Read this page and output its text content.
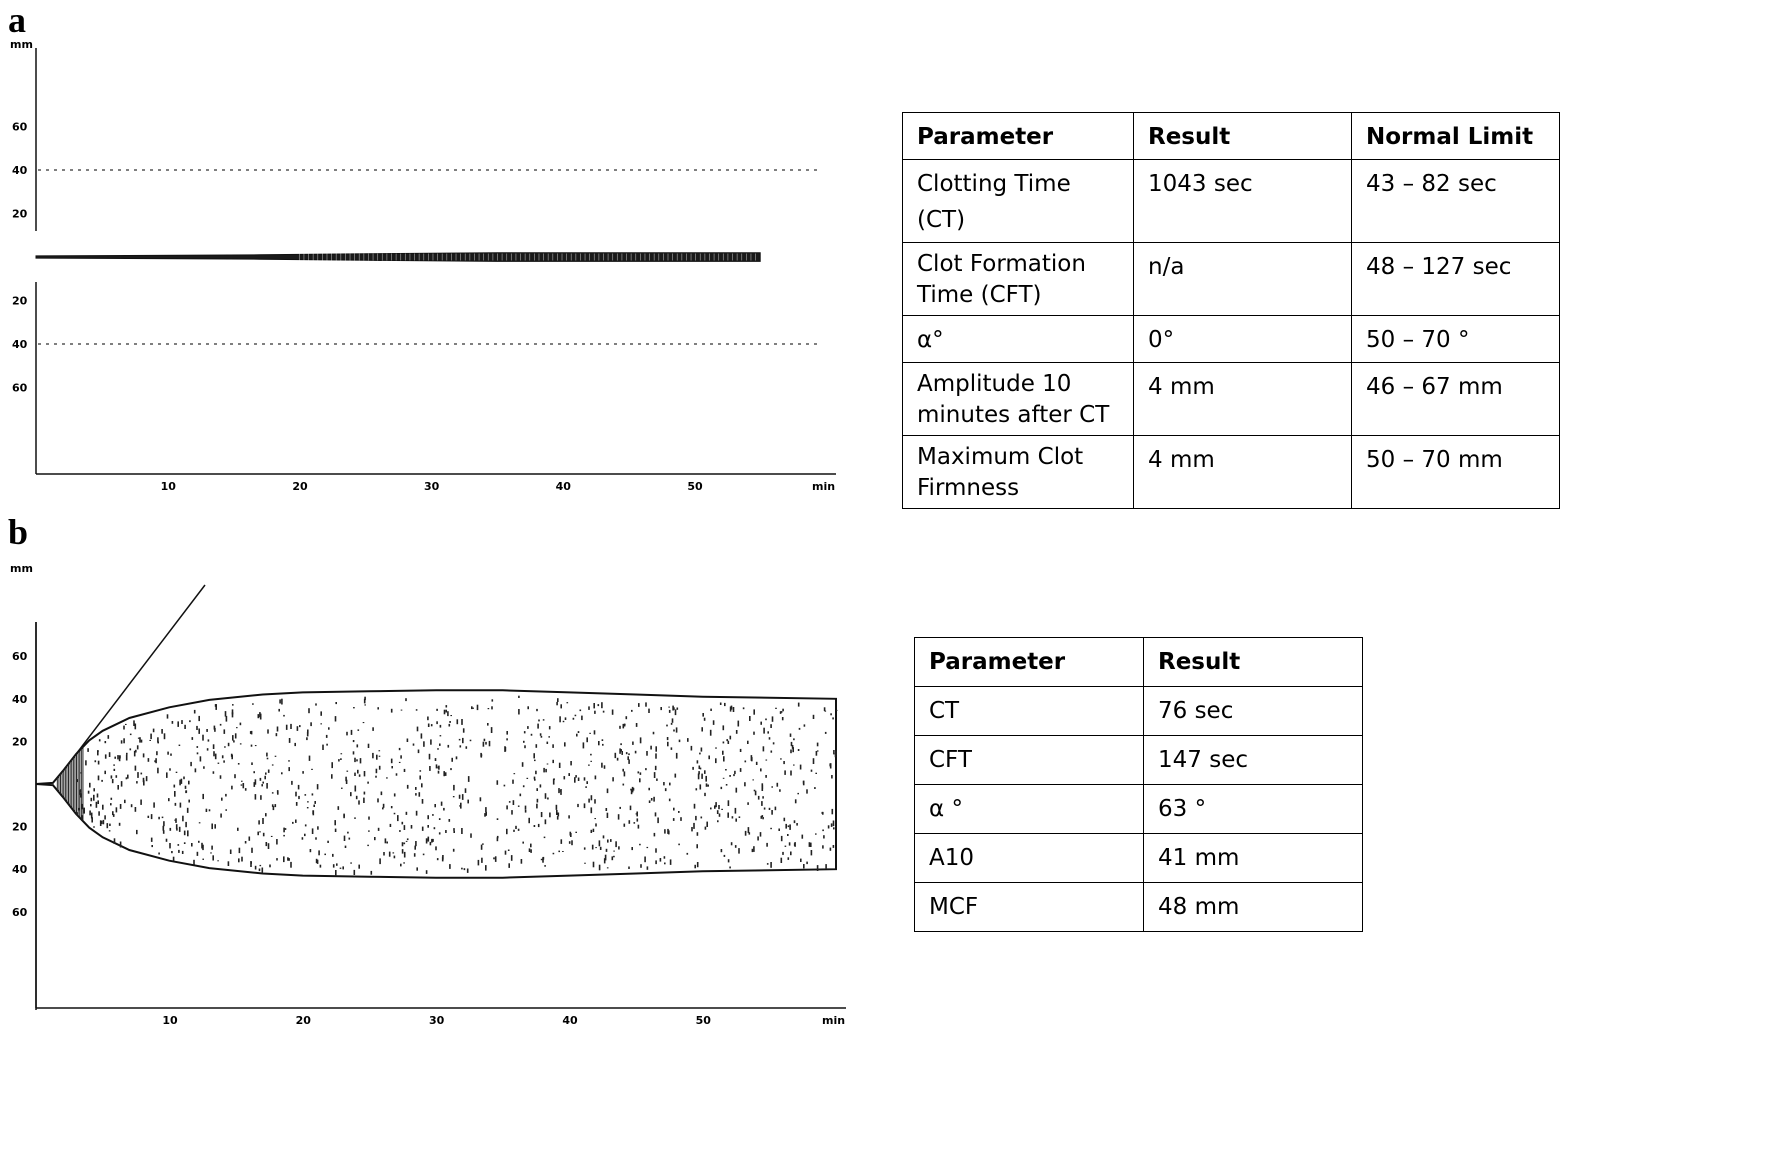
a
mm
min
60
40
20
20
40
60
10	20	30	40	50
Parameter	Result	Normal Limit
Clotting Time (CT)	1043 sec	43 – 82 sec
Clot Formation Time (CFT)	n/a	48 – 127 sec
α°	0°	50 – 70 °
Amplitude 10 minutes after CT	4 mm	46 – 67 mm
Maximum Clot Firmness	4 mm	50 – 70 mm
b
mm
min
60
40
20
20
40
60
10	20	30	40	50
Parameter	Result
CT	76 sec
CFT	147 sec
α °	63 °
A10	41 mm
MCF	48 mm
